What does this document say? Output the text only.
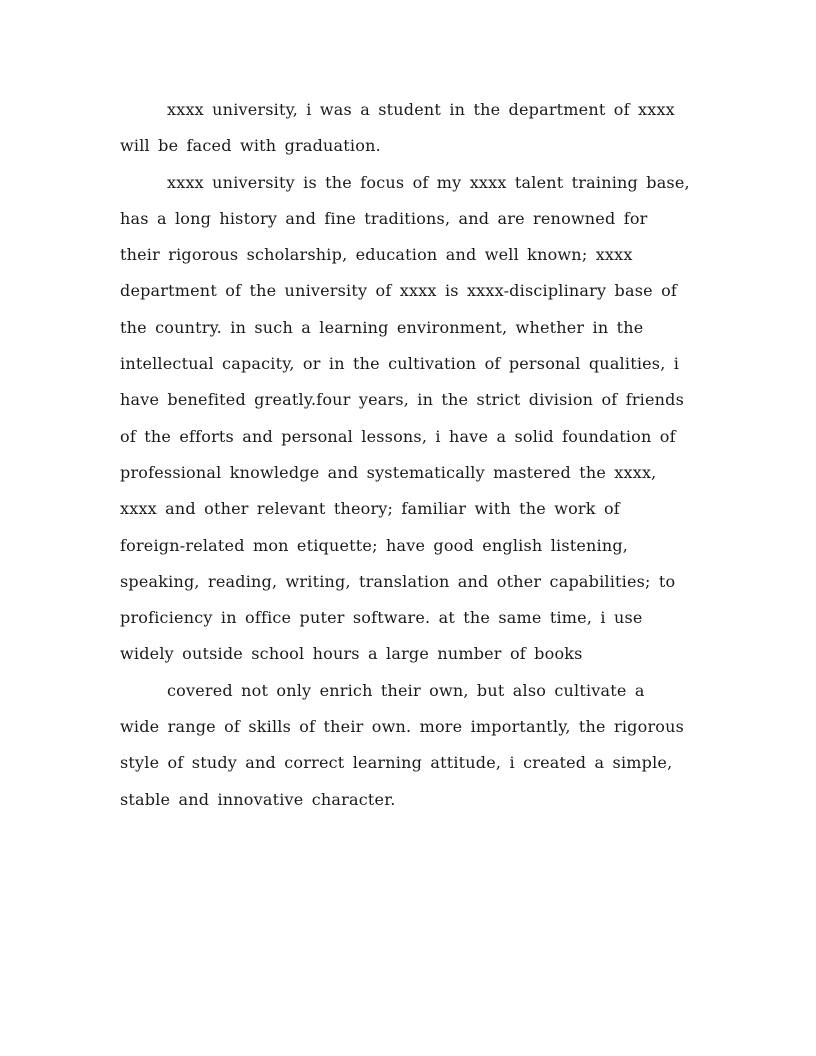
xxxx university, i was a student in the department of xxxx will be faced with graduation.

xxxx university is the focus of my xxxx talent training base, has a long history and fine traditions, and are renowned for their rigorous scholarship, education and well known; xxxx department of the university of xxxx is xxxx-disciplinary base of the country. in such a learning environment, whether in the intellectual capacity, or in the cultivation of personal qualities, i have benefited greatly.four years, in the strict division of friends of the efforts and personal lessons, i have a solid foundation of professional knowledge and systematically mastered the xxxx, xxxx and other relevant theory; familiar with the work of foreign-related mon etiquette; have good english listening, speaking, reading, writing, translation and other capabilities; to proficiency in office puter software. at the same time, i use widely outside school hours a large number of books

covered not only enrich their own, but also cultivate a wide range of skills of their own. more importantly, the rigorous style of study and correct learning attitude, i created a simple, stable and innovative character.
